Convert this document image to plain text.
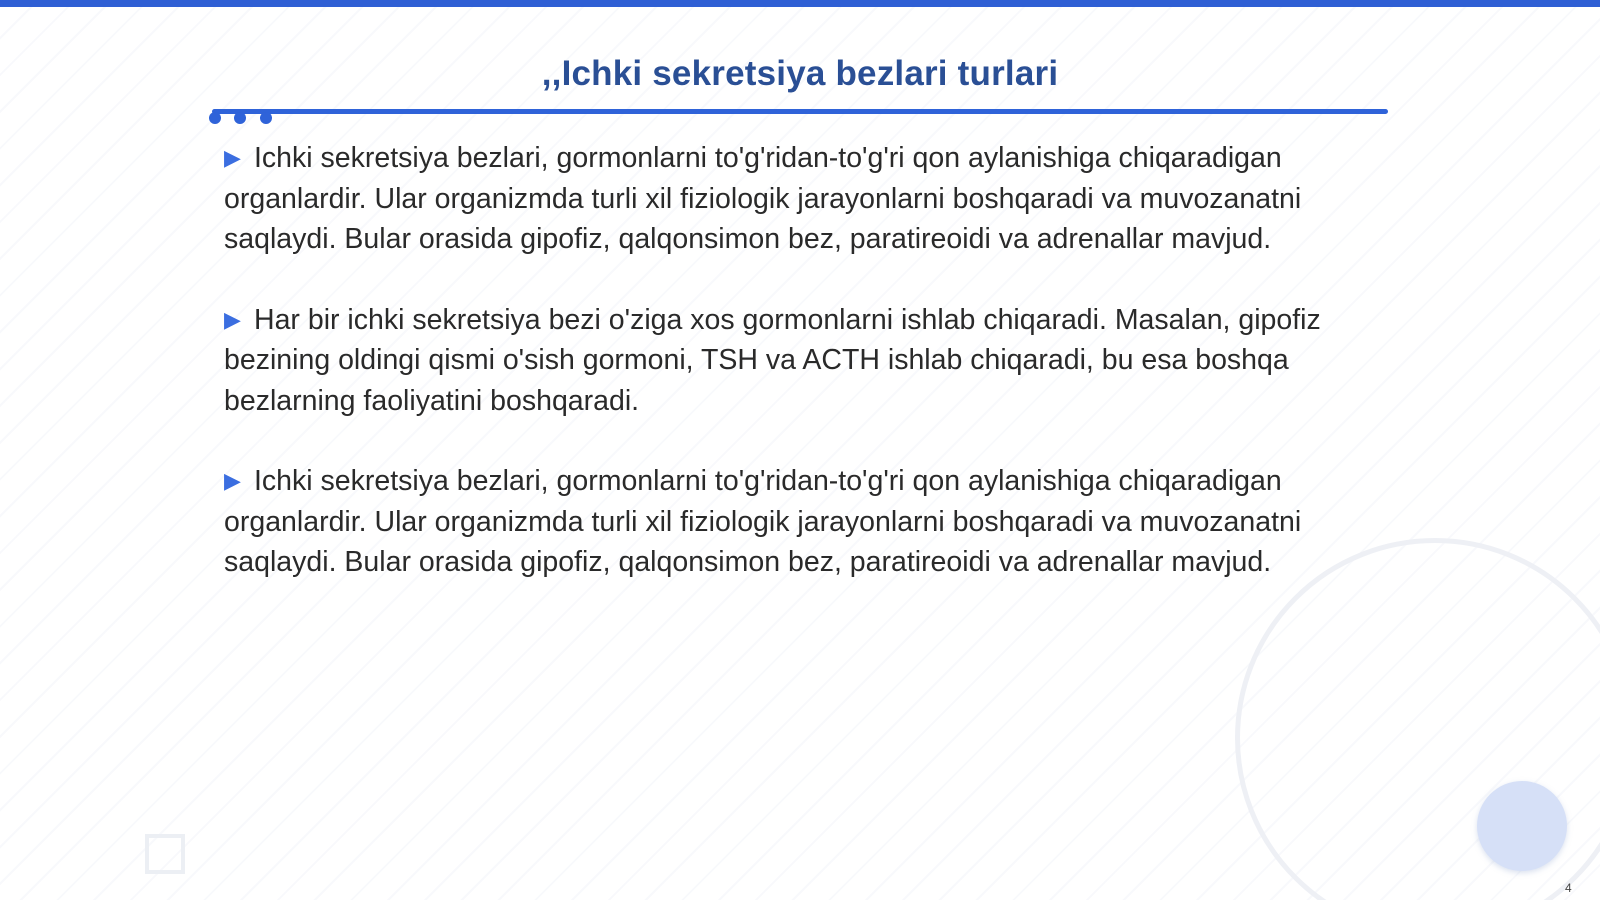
,,Ichki sekretsiya bezlari turlari

▶ Ichki sekretsiya bezlari, gormonlarni to'g'ridan-to'g'ri qon aylanishiga chiqaradigan organlardir. Ular organizmda turli xil fiziologik jarayonlarni boshqaradi va muvozanatni saqlaydi. Bular orasida gipofiz, qalqonsimon bez, paratireoidi va adrenallar mavjud.

▶ Har bir ichki sekretsiya bezi o'ziga xos gormonlarni ishlab chiqaradi. Masalan, gipofiz bezining oldingi qismi o'sish gormoni, TSH va ACTH ishlab chiqaradi, bu esa boshqa bezlarning faoliyatini boshqaradi.

▶ Ichki sekretsiya bezlari, gormonlarni to'g'ridan-to'g'ri qon aylanishiga chiqaradigan organlardir. Ular organizmda turli xil fiziologik jarayonlarni boshqaradi va muvozanatni saqlaydi. Bular orasida gipofiz, qalqonsimon bez, paratireoidi va adrenallar mavjud.

4
